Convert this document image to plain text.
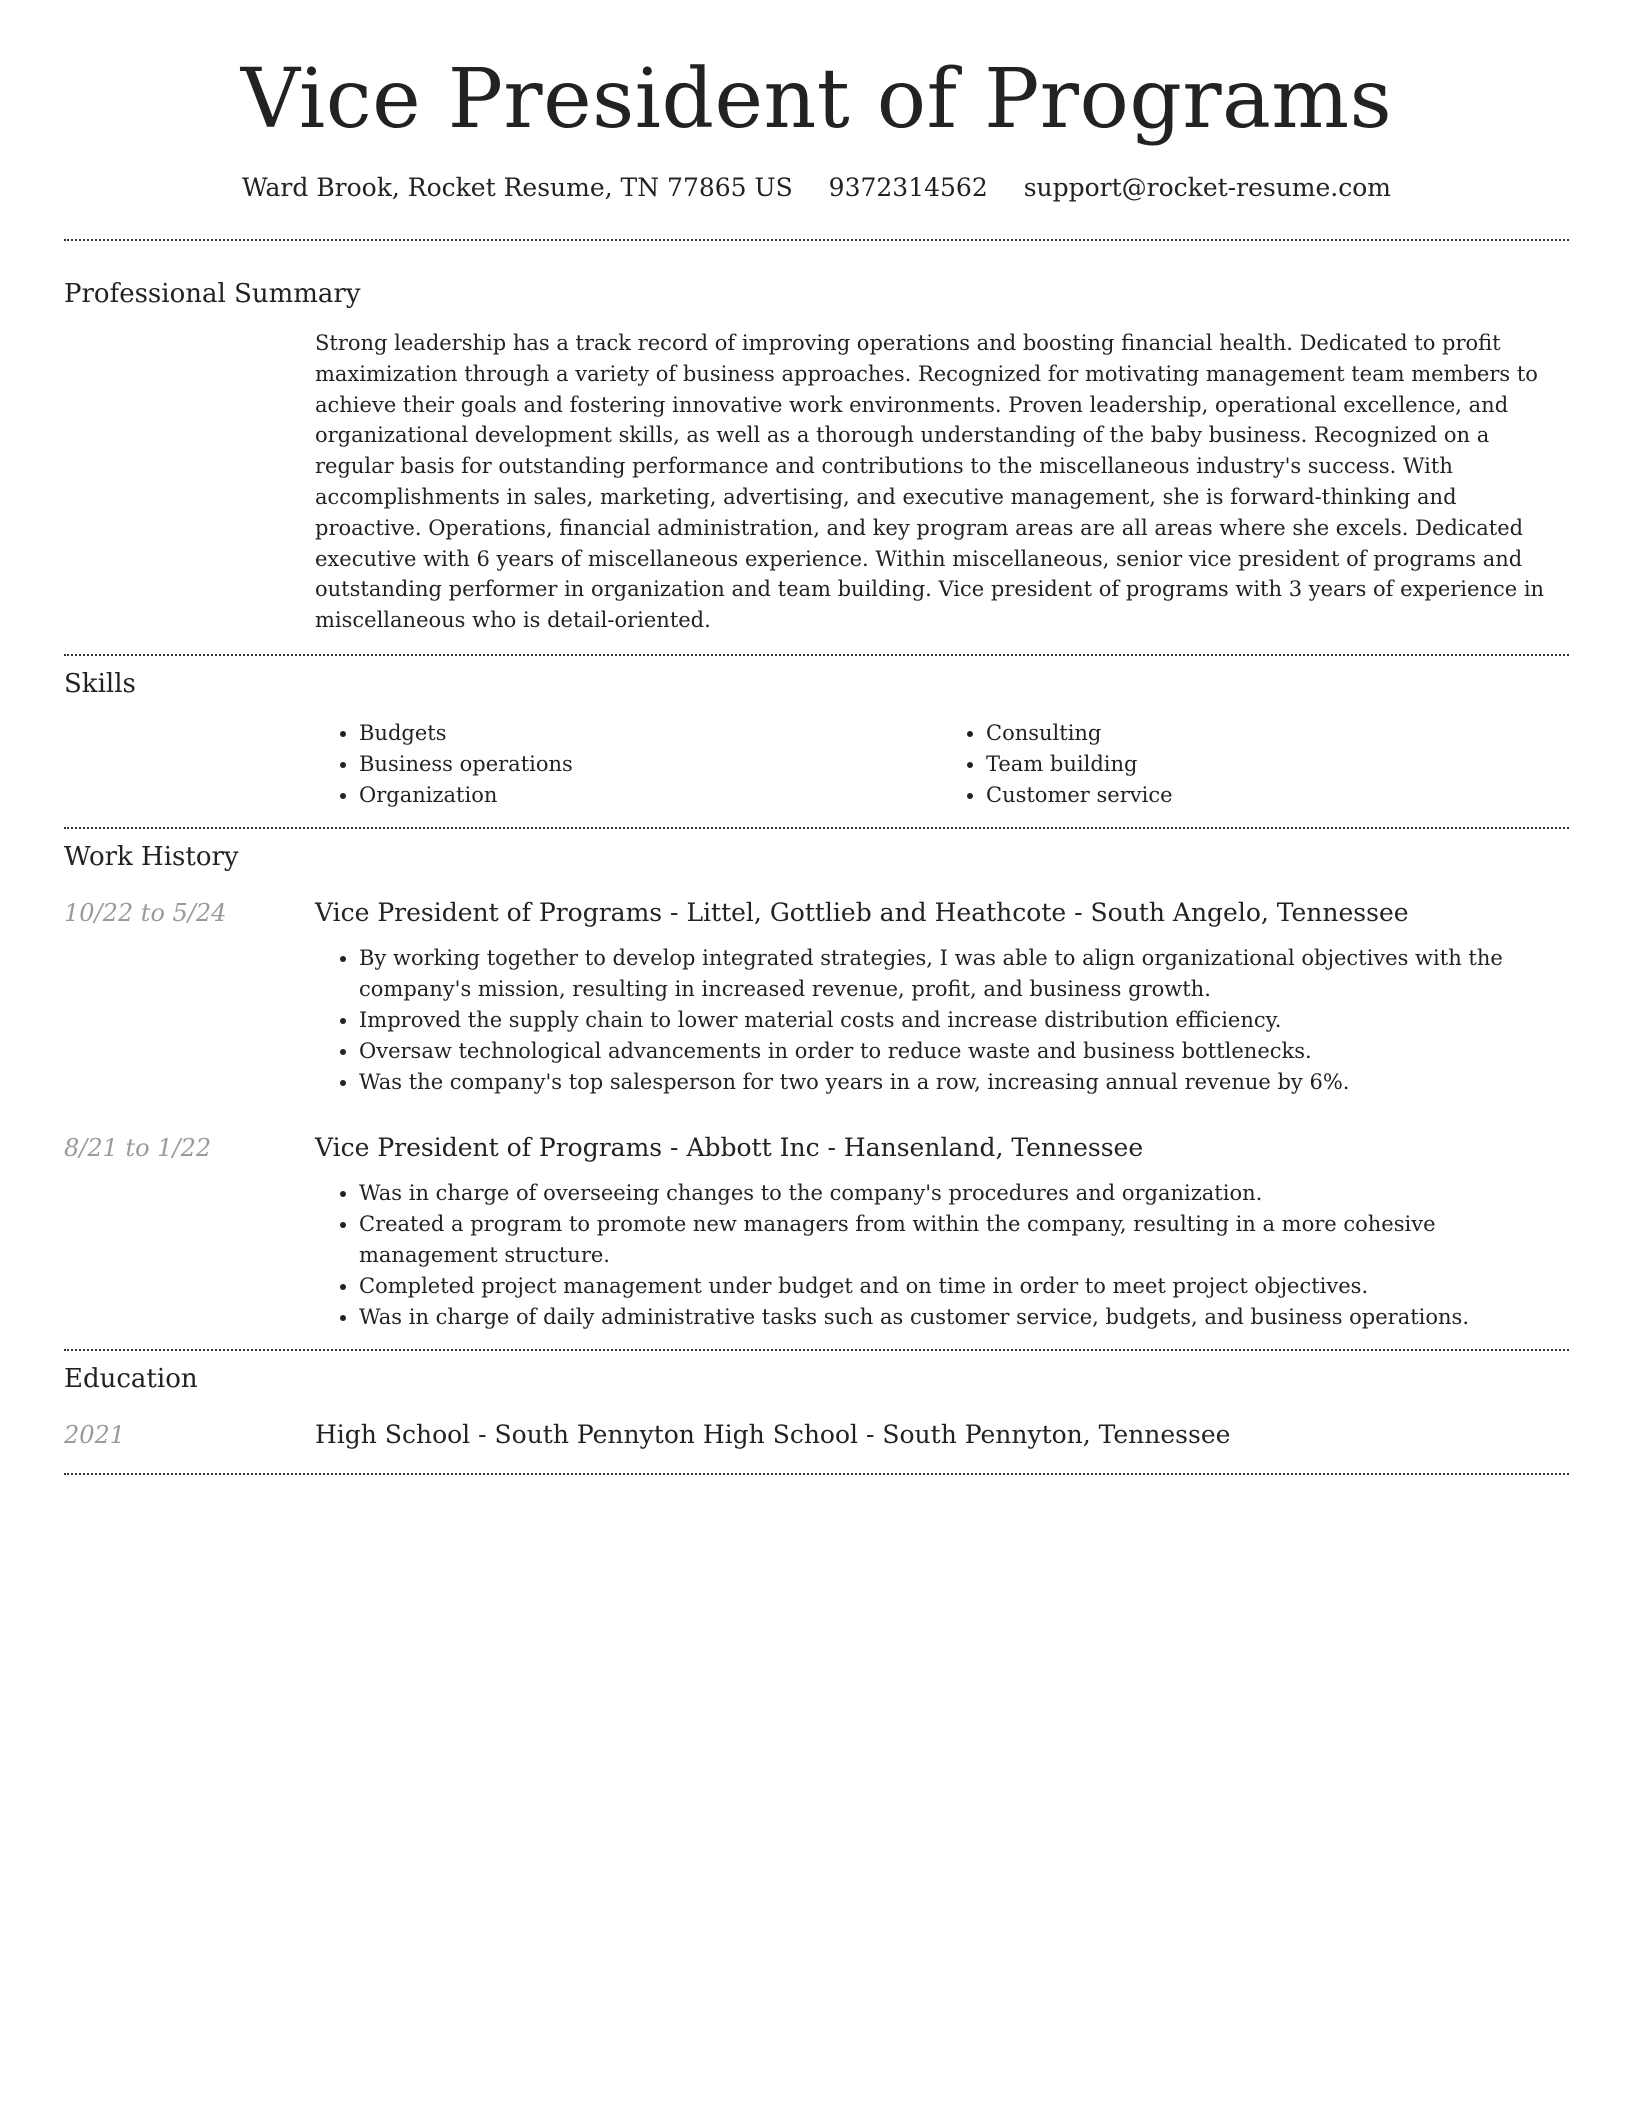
Vice President of Programs
Ward Brook, Rocket Resume, TN 77865 US 9372314562 support@rocket-resume.com
Professional Summary

Strong leadership has a track record of improving operations and boosting financial health. Dedicated to profit maximization through a variety of business approaches. Recognized for motivating management team members to achieve their goals and fostering innovative work environments. Proven leadership, operational excellence, and organizational development skills, as well as a thorough understanding of the baby business. Recognized on a regular basis for outstanding performance and contributions to the miscellaneous industry's success. With accomplishments in sales, marketing, advertising, and executive management, she is forward-thinking and proactive. Operations, financial administration, and key program areas are all areas where she excels. Dedicated executive with 6 years of miscellaneous experience. Within miscellaneous, senior vice president of programs and outstanding performer in organization and team building. Vice president of programs with 3 years of experience in miscellaneous who is detail-oriented.

Skills
• Budgets
• Business operations
• Organization
• Consulting
• Team building
• Customer service
Work History
10/22 to 5/24	Vice President of Programs - Littel, Gottlieb and Heathcote - South Angelo, Tennessee
• By working together to develop integrated strategies, I was able to align organizational objectives with the company's mission, resulting in increased revenue, profit, and business growth.
• Improved the supply chain to lower material costs and increase distribution efficiency.
• Oversaw technological advancements in order to reduce waste and business bottlenecks.
• Was the company's top salesperson for two years in a row, increasing annual revenue by 6%.
8/21 to 1/22	Vice President of Programs - Abbott Inc - Hansenland, Tennessee
• Was in charge of overseeing changes to the company's procedures and organization.
• Created a program to promote new managers from within the company, resulting in a more cohesive management structure.
• Completed project management under budget and on time in order to meet project objectives.
• Was in charge of daily administrative tasks such as customer service, budgets, and business operations.
Education
2021	High School - South Pennyton High School - South Pennyton, Tennessee
